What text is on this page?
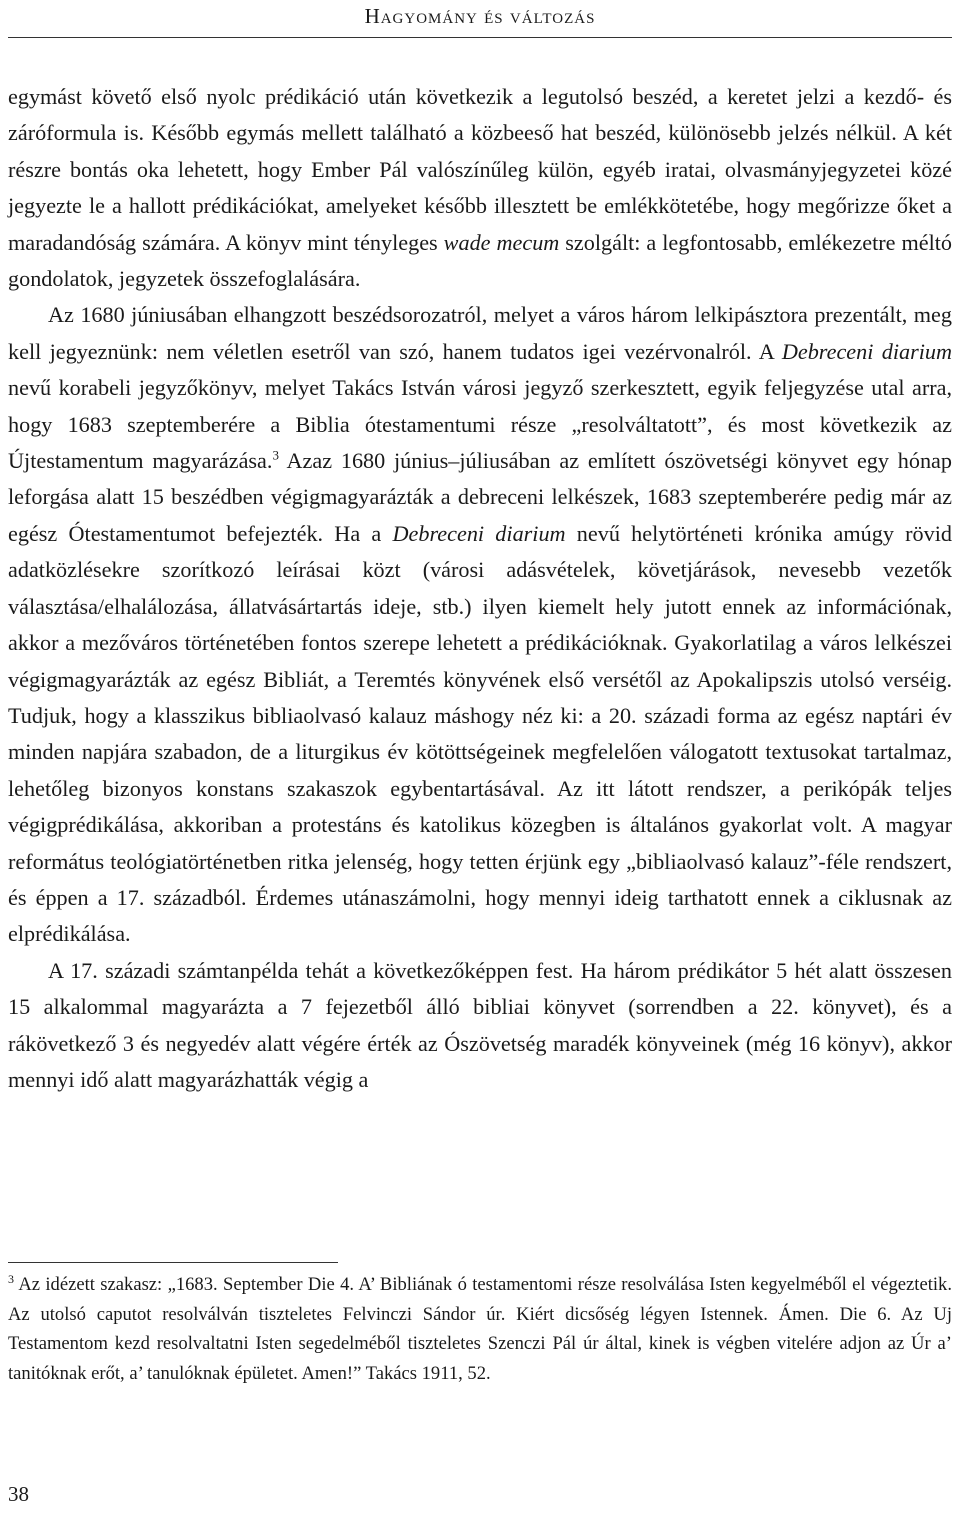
Hagyomány és változás

egymást követő első nyolc prédikáció után következik a legutolsó beszéd, a keretet jelzi a kezdő- és záróformula is. Később egymás mellett található a közbeeső hat beszéd, különösebb jelzés nélkül. A két részre bontás oka lehetett, hogy Ember Pál valószínűleg külön, egyéb iratai, olvasmányjegyzetei közé jegyezte le a hallott prédikációkat, amelyeket később illesztett be emlékkötetébe, hogy megőrizze őket a maradandóság számára. A könyv mint tényleges wade mecum szolgált: a legfontosabb, emlékezetre méltó gondolatok, jegyzetek összefoglalására.

Az 1680 júniusában elhangzott beszédsorozatról, melyet a város három lelkipásztora prezentált, meg kell jegyeznünk: nem véletlen esetről van szó, hanem tudatos igei vezérvonalról. A Debreceni diarium nevű korabeli jegyzőkönyv, melyet Takács István városi jegyző szerkesztett, egyik feljegyzése utal arra, hogy 1683 szeptemberére a Biblia ótestamentumi része „resolváltatott”, és most következik az Újtestamentum magyarázása.$^3$ Azaz 1680 június–júliusában az említett ószövetségi könyvet egy hónap leforgása alatt 15 beszédben végigmagyarázták a debreceni lelkészek, 1683 szeptemberére pedig már az egész Ótestamentumot befejezték. Ha a Debreceni diarium nevű helytörténeti krónika amúgy rövid adatközlésekre szorítkozó leírásai közt (városi adásvételek, követjárások, nevesebb vezetők választása/elhalálozása, állatvásártartás ideje, stb.) ilyen kiemelt hely jutott ennek az információnak, akkor a mezőváros történetében fontos szerepe lehetett a prédikációknak. Gyakorlatilag a város lelkészei végigmagyarázták az egész Bibliát, a Teremtés könyvének első versétől az Apokalipszis utolsó verséig. Tudjuk, hogy a klasszikus bibliaolvasó kalauz máshogy néz ki: a 20. századi forma az egész naptári év minden napjára szabadon, de a liturgikus év kötöttségeinek megfelelően válogatott textusokat tartalmaz, lehetőleg bizonyos konstans szakaszok egybentartásával. Az itt látott rendszer, a perikópák teljes végigprédikálása, akkoriban a protestáns és katolikus közegben is általános gyakorlat volt. A magyar református teológiatörténetben ritka jelenség, hogy tetten érjünk egy „bibliaolvasó kalauz”-féle rendszert, és éppen a 17. századból. Érdemes utánaszámolni, hogy mennyi ideig tarthatott ennek a ciklusnak az elprédikálása.

A 17. századi számtanpélda tehát a következőképpen fest. Ha három prédikátor 5 hét alatt összesen 15 alkalommal magyarázta a 7 fejezetből álló bibliai könyvet (sorrendben a 22. könyvet), és a rákövetkező 3 és negyedév alatt végére érték az Ószövetség maradék könyveinek (még 16 könyv), akkor mennyi idő alatt magyarázhatták végig a

$^3$ Az idézett szakasz: „1683. September Die 4. A’ Bibliának ó testamentomi része resolválása Isten kegyelméből el végeztetik. Az utolsó caputot resolválván tiszteletes Felvinczi Sándor úr. Kiért dicsőség légyen Istennek. Ámen. Die 6. Az Uj Testamentom kezd resolvaltatni Isten segedelméből tiszteletes Szenczi Pál úr által, kinek is végben vitelére adjon az Úr a’ tanitóknak erőt, a’ tanulóknak épületet. Amen!” Takács 1911, 52.
38
